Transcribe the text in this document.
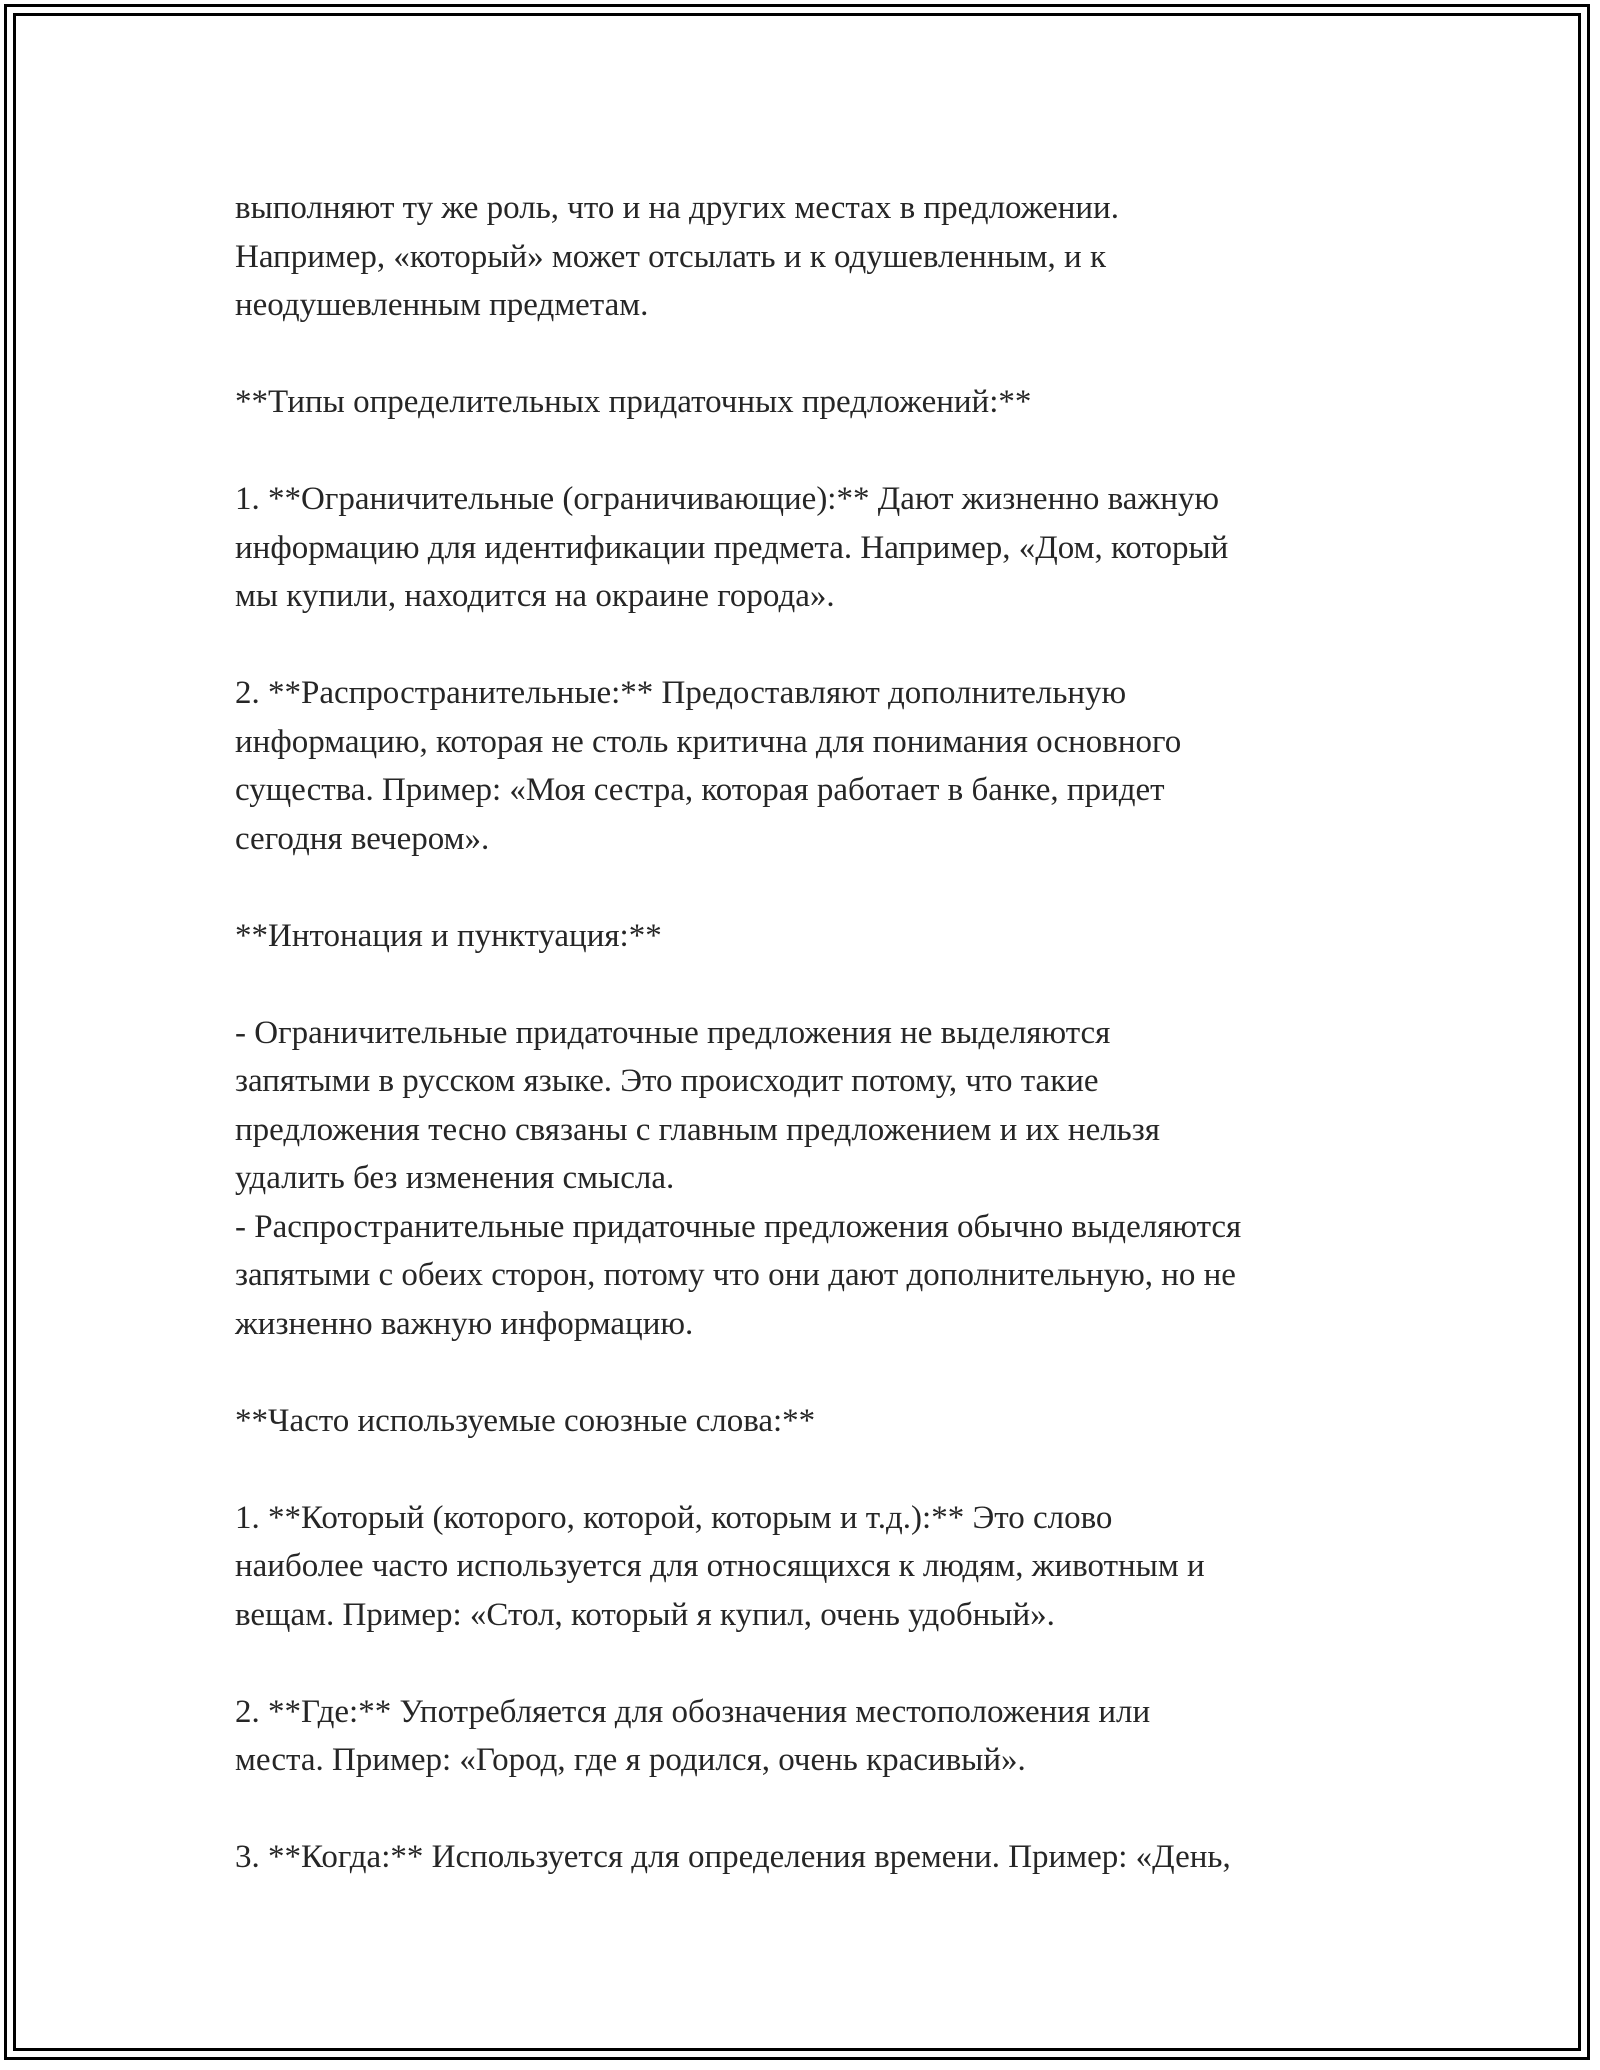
выполняют ту же роль, что и на других местах в предложении.
Например, «который» может отсылать и к одушевленным, и к
неодушевленным предметам.

**Типы определительных придаточных предложений:**

1. **Ограничительные (ограничивающие):** Дают жизненно важную
информацию для идентификации предмета. Например, «Дом, который
мы купили, находится на окраине города».

2. **Распространительные:** Предоставляют дополнительную
информацию, которая не столь критична для понимания основного
существа. Пример: «Моя сестра, которая работает в банке, придет
сегодня вечером».

**Интонация и пунктуация:**

- Ограничительные придаточные предложения не выделяются
запятыми в русском языке. Это происходит потому, что такие
предложения тесно связаны с главным предложением и их нельзя
удалить без изменения смысла.

- Распространительные придаточные предложения обычно выделяются
запятыми с обеих сторон, потому что они дают дополнительную, но не
жизненно важную информацию.

**Часто используемые союзные слова:**

1. **Который (которого, которой, которым и т.д.):** Это слово
наиболее часто используется для относящихся к людям, животным и
вещам. Пример: «Стол, который я купил, очень удобный».

2. **Где:** Употребляется для обозначения местоположения или
места. Пример: «Город, где я родился, очень красивый».

3. **Когда:** Используется для определения времени. Пример: «День,
